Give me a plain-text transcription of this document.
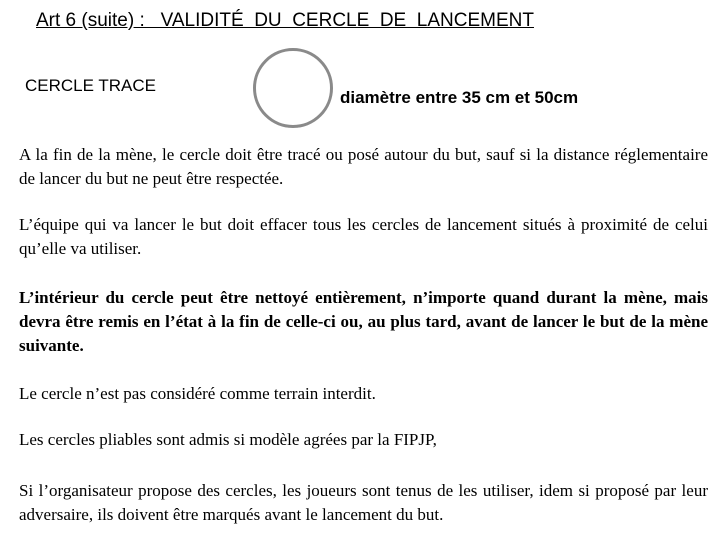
Art 6 (suite) :   VALIDITÉ  DU  CERCLE  DE  LANCEMENT
CERCLE TRACE
diamètre entre 35 cm et 50cm

A la fin de la mène, le cercle doit être tracé ou posé autour du but, sauf si la distance réglementaire de lancer du but ne peut être respectée.

L’équipe qui va lancer le but doit effacer tous les cercles de lancement situés à proximité de celui qu’elle va utiliser.

L’intérieur du cercle peut être nettoyé entièrement, n’importe quand durant la mène, mais devra être remis en l’état à la fin de celle-ci ou, au plus tard, avant de lancer le but de la mène suivante.

Le cercle n’est pas considéré comme terrain interdit.

Les cercles pliables sont admis si modèle agrées par la FIPJP,

Si l’organisateur propose des cercles, les joueurs sont tenus de les utiliser, idem si proposé par leur adversaire, ils doivent être marqués avant le lancement du but.
